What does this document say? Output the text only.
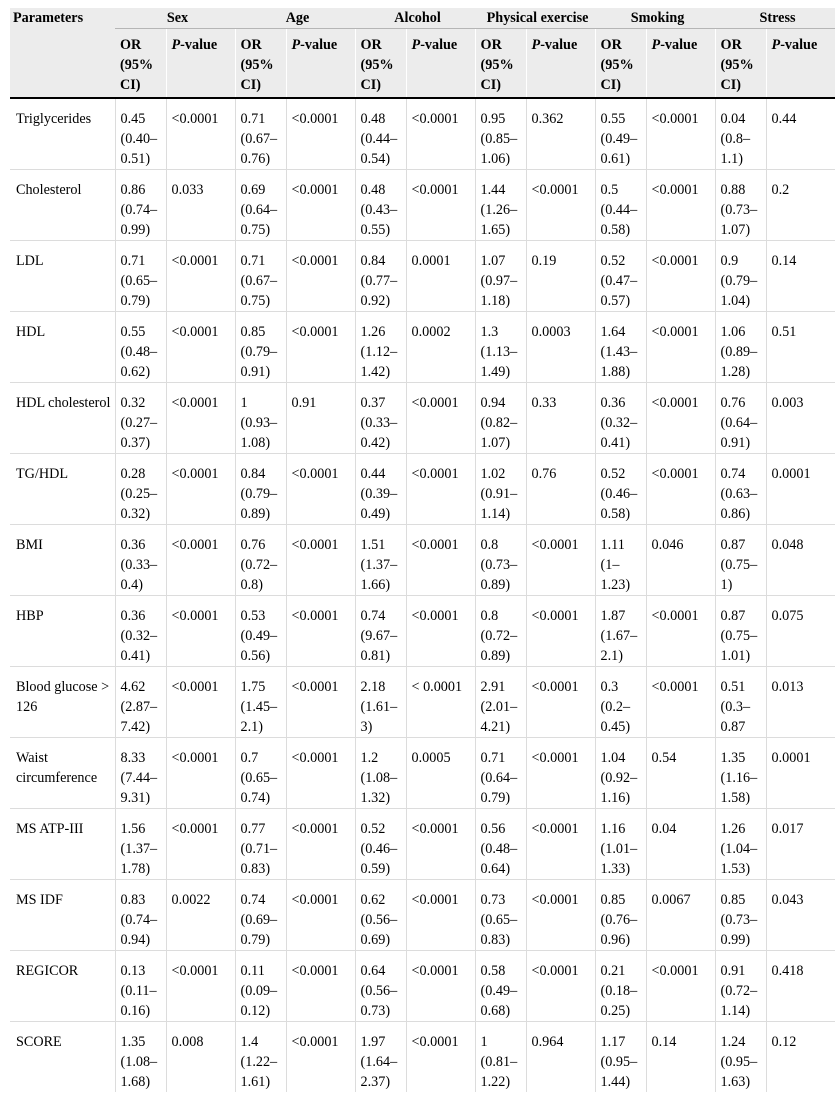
Parameters	Sex		Age		Alcohol		Physical exercise		Smoking		Stress	
	OR (95% CI)	P-value	OR (95% CI)	P-value	OR (95% CI)	P-value	OR (95% CI)	P-value	OR (95% CI)	P-value	OR (95% CI)	P-value
Triglycerides	0.45 (0.40–0.51)	<0.0001	0.71 (0.67–0.76)	<0.0001	0.48 (0.44–0.54)	<0.0001	0.95 (0.85–1.06)	0.362	0.55 (0.49–0.61)	<0.0001	0.04 (0.8–1.1)	0.44
Cholesterol	0.86 (0.74–0.99)	0.033	0.69 (0.64–0.75)	<0.0001	0.48 (0.43–0.55)	<0.0001	1.44 (1.26–1.65)	<0.0001	0.5 (0.44–0.58)	<0.0001	0.88 (0.73–1.07)	0.2
LDL	0.71 (0.65–0.79)	<0.0001	0.71 (0.67–0.75)	<0.0001	0.84 (0.77–0.92)	0.0001	1.07 (0.97–1.18)	0.19	0.52 (0.47–0.57)	<0.0001	0.9 (0.79–1.04)	0.14
HDL	0.55 (0.48–0.62)	<0.0001	0.85 (0.79–0.91)	<0.0001	1.26 (1.12–1.42)	0.0002	1.3 (1.13–1.49)	0.0003	1.64 (1.43–1.88)	<0.0001	1.06 (0.89–1.28)	0.51
HDL cholesterol	0.32 (0.27–0.37)	<0.0001	1 (0.93–1.08)	0.91	0.37 (0.33–0.42)	<0.0001	0.94 (0.82–1.07)	0.33	0.36 (0.32–0.41)	<0.0001	0.76 (0.64–0.91)	0.003
TG/HDL	0.28 (0.25–0.32)	<0.0001	0.84 (0.79–0.89)	<0.0001	0.44 (0.39–0.49)	<0.0001	1.02 (0.91–1.14)	0.76	0.52 (0.46–0.58)	<0.0001	0.74 (0.63–0.86)	0.0001
BMI	0.36 (0.33–0.4)	<0.0001	0.76 (0.72–0.8)	<0.0001	1.51 (1.37–1.66)	<0.0001	0.8 (0.73–0.89)	<0.0001	1.11 (1–1.23)	0.046	0.87 (0.75–1)	0.048
HBP	0.36 (0.32–0.41)	<0.0001	0.53 (0.49–0.56)	<0.0001	0.74 (9.67–0.81)	<0.0001	0.8 (0.72–0.89)	<0.0001	1.87 (1.67–2.1)	<0.0001	0.87 (0.75–1.01)	0.075
Blood glucose > 126	4.62 (2.87–7.42)	<0.0001	1.75 (1.45–2.1)	<0.0001	2.18 (1.61–3)	< 0.0001	2.91 (2.01–4.21)	<0.0001	0.3 (0.2–0.45)	<0.0001	0.51 (0.3–0.87	0.013
Waist circumference	8.33 (7.44–9.31)	<0.0001	0.7 (0.65–0.74)	<0.0001	1.2 (1.08–1.32)	0.0005	0.71 (0.64–0.79)	<0.0001	1.04 (0.92–1.16)	0.54	1.35 (1.16–1.58)	0.0001
MS ATP-III	1.56 (1.37–1.78)	<0.0001	0.77 (0.71–0.83)	<0.0001	0.52 (0.46–0.59)	<0.0001	0.56 (0.48–0.64)	<0.0001	1.16 (1.01–1.33)	0.04	1.26 (1.04–1.53)	0.017
MS IDF	0.83 (0.74–0.94)	0.0022	0.74 (0.69–0.79)	<0.0001	0.62 (0.56–0.69)	<0.0001	0.73 (0.65–0.83)	<0.0001	0.85 (0.76–0.96)	0.0067	0.85 (0.73–0.99)	0.043
REGICOR	0.13 (0.11–0.16)	<0.0001	0.11 (0.09–0.12)	<0.0001	0.64 (0.56–0.73)	<0.0001	0.58 (0.49–0.68)	<0.0001	0.21 (0.18–0.25)	<0.0001	0.91 (0.72–1.14)	0.418
SCORE	1.35 (1.08–1.68)	0.008	1.4 (1.22–1.61)	<0.0001	1.97 (1.64–2.37)	<0.0001	1 (0.81–1.22)	0.964	1.17 (0.95–1.44)	0.14	1.24 (0.95–1.63)	0.12
